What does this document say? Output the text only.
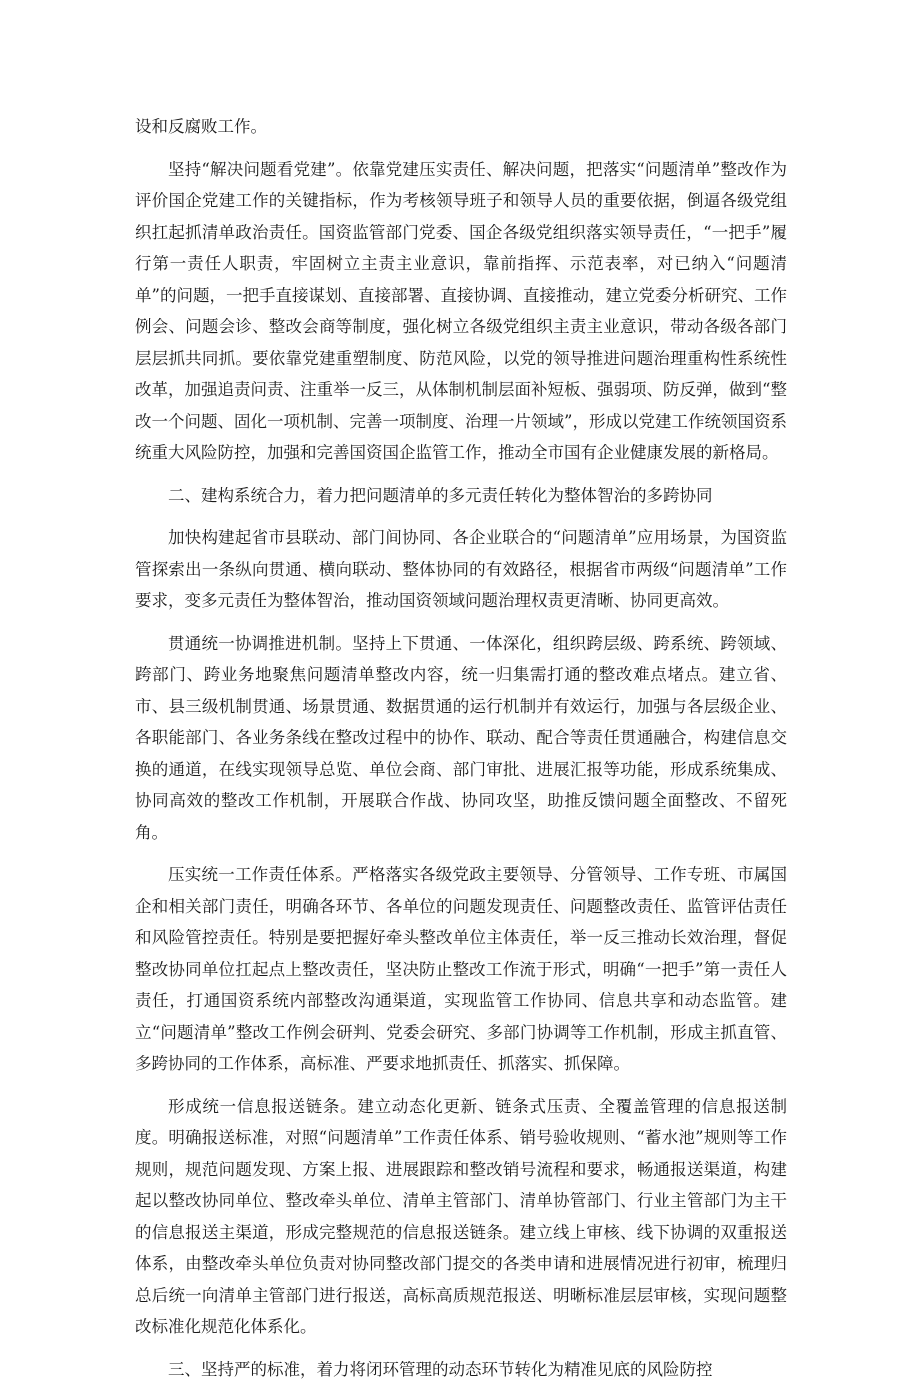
设和反腐败工作。

坚持“解决问题看党建”。依靠党建压实责任、解决问题，把落实“问题清单”整改作为评价国企党建工作的关键指标，作为考核领导班子和领导人员的重要依据，倒逼各级党组织扛起抓清单政治责任。国资监管部门党委、国企各级党组织落实领导责任，“一把手”履行第一责任人职责，牢固树立主责主业意识，靠前指挥、示范表率，对已纳入“问题清单”的问题，一把手直接谋划、直接部署、直接协调、直接推动，建立党委分析研究、工作例会、问题会诊、整改会商等制度，强化树立各级党组织主责主业意识，带动各级各部门层层抓共同抓。要依靠党建重塑制度、防范风险，以党的领导推进问题治理重构性系统性改革，加强追责问责、注重举一反三，从体制机制层面补短板、强弱项、防反弹，做到“整改一个问题、固化一项机制、完善一项制度、治理一片领域”，形成以党建工作统领国资系统重大风险防控，加强和完善国资国企监管工作，推动全市国有企业健康发展的新格局。

二、建构系统合力，着力把问题清单的多元责任转化为整体智治的多跨协同

加快构建起省市县联动、部门间协同、各企业联合的“问题清单”应用场景，为国资监管探索出一条纵向贯通、横向联动、整体协同的有效路径，根据省市两级“问题清单”工作要求，变多元责任为整体智治，推动国资领域问题治理权责更清晰、协同更高效。

贯通统一协调推进机制。坚持上下贯通、一体深化，组织跨层级、跨系统、跨领域、跨部门、跨业务地聚焦问题清单整改内容，统一归集需打通的整改难点堵点。建立省、市、县三级机制贯通、场景贯通、数据贯通的运行机制并有效运行，加强与各层级企业、各职能部门、各业务条线在整改过程中的协作、联动、配合等责任贯通融合，构建信息交换的通道，在线实现领导总览、单位会商、部门审批、进展汇报等功能，形成系统集成、协同高效的整改工作机制，开展联合作战、协同攻坚，助推反馈问题全面整改、不留死角。

压实统一工作责任体系。严格落实各级党政主要领导、分管领导、工作专班、市属国企和相关部门责任，明确各环节、各单位的问题发现责任、问题整改责任、监管评估责任和风险管控责任。特别是要把握好牵头整改单位主体责任，举一反三推动长效治理，督促整改协同单位扛起点上整改责任，坚决防止整改工作流于形式，明确“一把手”第一责任人责任，打通国资系统内部整改沟通渠道，实现监管工作协同、信息共享和动态监管。建立“问题清单”整改工作例会研判、党委会研究、多部门协调等工作机制，形成主抓直管、多跨协同的工作体系，高标准、严要求地抓责任、抓落实、抓保障。

形成统一信息报送链条。建立动态化更新、链条式压责、全覆盖管理的信息报送制度。明确报送标准，对照“问题清单”工作责任体系、销号验收规则、“蓄水池”规则等工作规则，规范问题发现、方案上报、进展跟踪和整改销号流程和要求，畅通报送渠道，构建起以整改协同单位、整改牵头单位、清单主管部门、清单协管部门、行业主管部门为主干的信息报送主渠道，形成完整规范的信息报送链条。建立线上审核、线下协调的双重报送体系，由整改牵头单位负责对协同整改部门提交的各类申请和进展情况进行初审，梳理归总后统一向清单主管部门进行报送，高标高质规范报送、明晰标准层层审核，实现问题整改标准化规范化体系化。

三、坚持严的标准，着力将闭环管理的动态环节转化为精准见底的风险防控
